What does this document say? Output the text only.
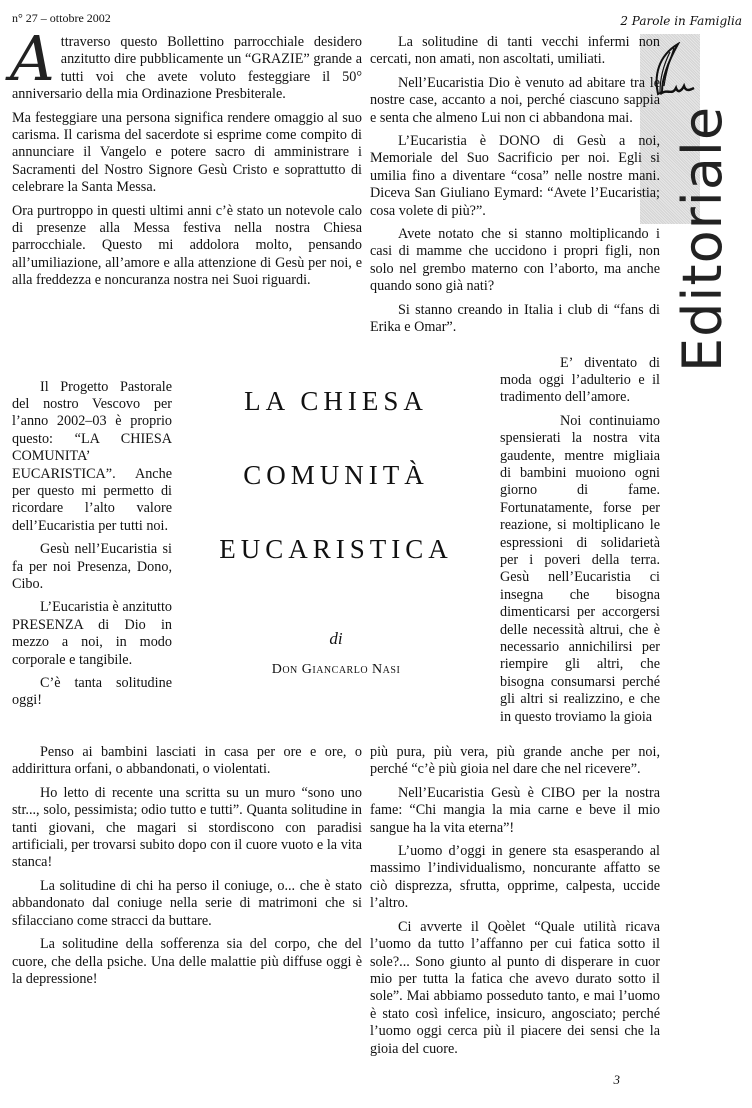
2 Parole in Famiglia
Editoriale
n° 27 – ottobre 2002
A ttraverso questo Bollettino parrocchiale desidero anzitutto dire pubblicamente un “GRAZIE” grande a tutti voi che avete voluto festeggiare il 50° anniversario della mia Ordinazione Presbiterale.

Ma festeggiare una persona significa rendere omaggio al suo carisma. Il carisma del sacerdote si esprime come compito di annunciare il Vangelo e potere sacro di amministrare i Sacramenti del Nostro Signore Gesù Cristo e soprattutto di celebrare la Santa Messa.

Ora purtroppo in questi ultimi anni c’è stato un notevole calo di presenze alla Messa festiva nella nostra Chiesa parrocchiale. Questo mi addolora molto, pensando all’umiliazione, all’amore e alla attenzione di Gesù per noi, e alla freddezza e noncuranza nostra nei Suoi riguardi.

La solitudine di tanti vecchi infermi non cercati, non amati, non ascoltati, umiliati.

Nell’Eucaristia Dio è venuto ad abitare tra le nostre case, accanto a noi, perché ciascuno sappia e senta che almeno Lui non ci abbandona mai.

L’Eucaristia è DONO di Gesù a noi, Memoriale del Suo Sacrificio per noi. Egli si umilia fino a diventare “cosa” nelle nostre mani. Diceva San Giuliano Eymard: “Avete l’Eucaristia; cosa volete di più?”.

Avete notato che si stanno moltiplicando i casi di mamme che uccidono i propri figli, non solo nel grembo materno con l’aborto, ma anche quando sono già nati?

Si stanno creando in Italia i club di “fans di Erika e Omar”.

Il Progetto Pastorale del nostro Vescovo per l’anno 2002–03 è proprio questo: “LA CHIESA COMUNITA’ EUCARISTICA”. Anche per questo mi permetto di ricordare l’alto valore dell’Eucaristia per tutti noi.

Gesù nell’Eucaristia si fa per noi Presenza, Dono, Cibo.

L’Eucaristia è anzitutto PRESENZA di Dio in mezzo a noi, in modo corporale e tangibile.

C’è tanta solitudine oggi!

LA CHIESA
COMUNITÀ
EUCARISTICA
di
Don Giancarlo Nasi

E’ diventato di moda oggi l’adulterio e il tradimento dell’amore.

Noi continuiamo spensierati la nostra vita gaudente, mentre migliaia di bambini muoiono ogni giorno di fame. Fortunatamente, forse per reazione, si moltiplicano le espressioni di solidarietà per i poveri della terra. Gesù nell’Eucaristia ci insegna che bisogna dimenticarsi per accorgersi delle necessità altrui, che è necessario annichilirsi per riempire gli altri, che bisogna consumarsi perché gli altri si realizzino, e che in questo troviamo la gioia

Penso ai bambini lasciati in casa per ore e ore, o addirittura orfani, o abbandonati, o violentati.

Ho letto di recente una scritta su un muro “sono uno str..., solo, pessimista; odio tutto e tutti”. Quanta solitudine in tanti giovani, che magari si stordiscono con paradisi artificiali, per trovarsi subito dopo con il cuore vuoto e la vita stanca!

La solitudine di chi ha perso il coniuge, o... che è stato abbandonato dal coniuge nella serie di matrimoni che si sfilacciano come stracci da buttare.

La solitudine della sofferenza sia del corpo, che del cuore, che della psiche. Una delle malattie più diffuse oggi è la depressione!

più pura, più vera, più grande anche per noi, perché “c’è più gioia nel dare che nel ricevere”.

Nell’Eucaristia Gesù è CIBO per la nostra fame: “Chi mangia la mia carne e beve il mio sangue ha la vita eterna”!

L’uomo d’oggi in genere sta esasperando al massimo l’individualismo, noncurante affatto se ciò disprezza, sfrutta, opprime, calpesta, uccide l’altro.

Ci avverte il Qoèlet “Quale utilità ricava l’uomo da tutto l’affanno per cui fatica sotto il sole?... Sono giunto al punto di disperare in cuor mio per tutta la fatica che avevo durato sotto il sole”. Mai abbiamo posseduto tanto, e mai l’uomo è stato così infelice, insicuro, angosciato; perché l’uomo oggi cerca più il piacere dei sensi che la gioia del cuore.

3
